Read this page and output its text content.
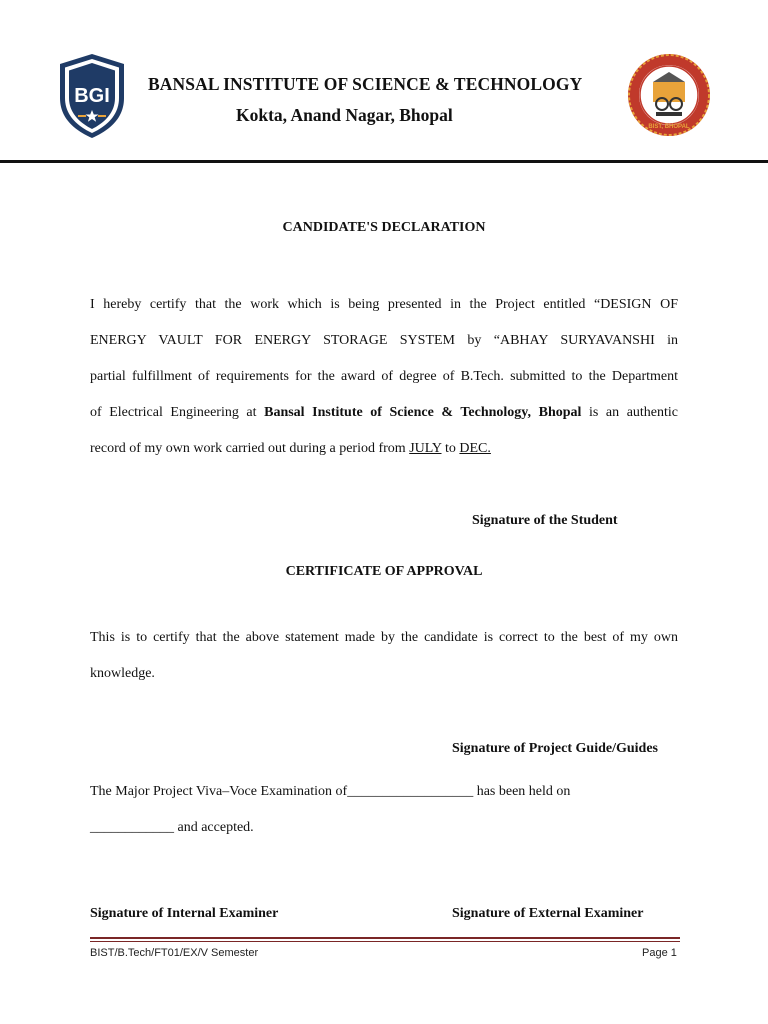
BGI
BANSAL INSTITUTE OF SCIENCE & TECHNOLOGY
Kokta, Anand Nagar, Bhopal
BIST, BHOPAL
CANDIDATE'S DECLARATION
I hereby certify that the work which is being presented in the Project entitled “DESIGN OF
ENERGY VAULT FOR ENERGY STORAGE SYSTEM by “ABHAY SURYAVANSHI in
partial fulfillment of requirements for the award of degree of B.Tech. submitted to the Department
of Electrical Engineering at Bansal Institute of Science & Technology, Bhopal is an authentic
record of my own work carried out during a period from JULY to DEC.
Signature of the Student
CERTIFICATE OF APPROVAL
This is to certify that the above statement made by the candidate is correct to the best of my own
knowledge.
Signature of Project Guide/Guides
The Major Project Viva–Voce Examination of__________________ has been held on
____________ and accepted.
Signature of Internal Examiner	Signature of External Examiner
BIST/B.Tech/FT01/EX/V Semester	Page 1
